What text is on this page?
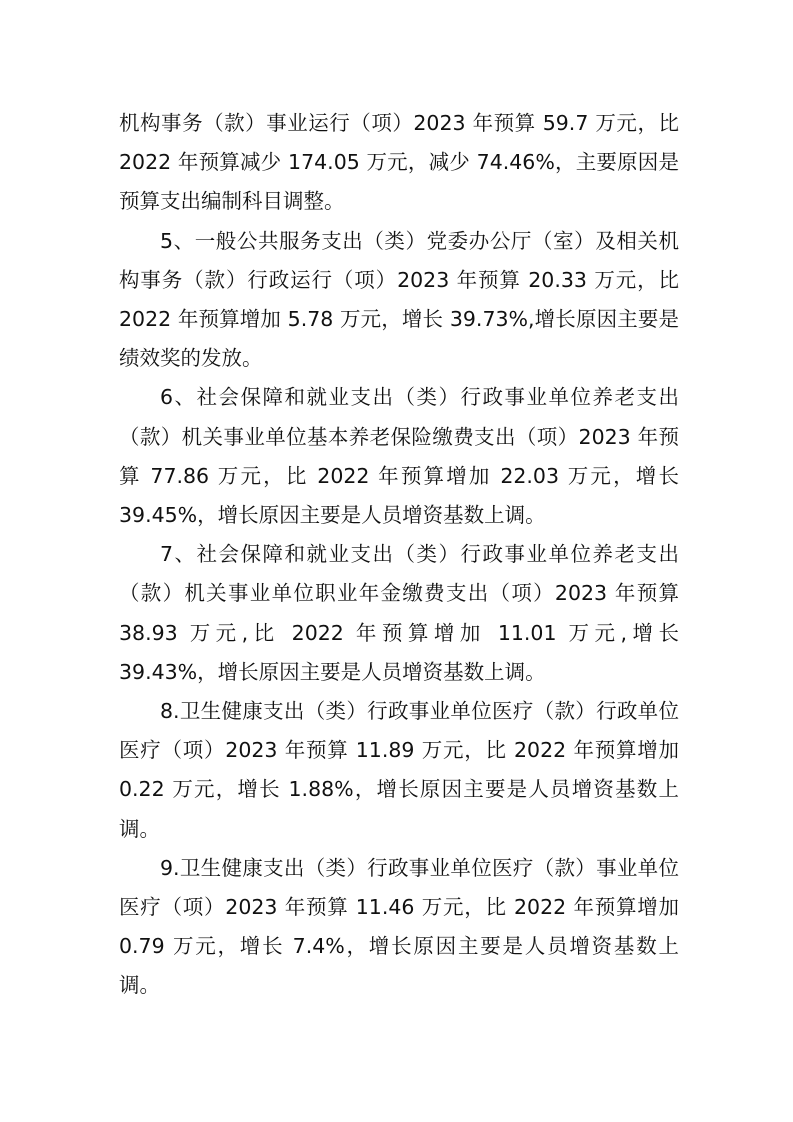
机构事务（款）事业运行（项）2023 年预算 59.7 万元，比 2022 年预算减少 174.05 万元，减少 74.46%，主要原因是预算支出编制科目调整。

5、一般公共服务支出（类）党委办公厅（室）及相关机构事务（款）行政运行（项）2023 年预算 20.33 万元，比 2022 年预算增加 5.78 万元，增长 39.73%,增长原因主要是绩效奖的发放。

6、社会保障和就业支出（类）行政事业单位养老支出（款）机关事业单位基本养老保险缴费支出（项）2023 年预算 77.86 万元，比 2022 年预算增加 22.03 万元，增长 39.45%，增长原因主要是人员增资基数上调。

7、社会保障和就业支出（类）行政事业单位养老支出（款）机关事业单位职业年金缴费支出（项）2023 年预算 38.93 万元,比 2022 年预算增加 11.01 万元,增长 39.43%，增长原因主要是人员增资基数上调。

8.卫生健康支出（类）行政事业单位医疗（款）行政单位医疗（项）2023 年预算 11.89 万元，比 2022 年预算增加 0.22 万元，增长 1.88%，增长原因主要是人员增资基数上调。

9.卫生健康支出（类）行政事业单位医疗（款）事业单位医疗（项）2023 年预算 11.46 万元，比 2022 年预算增加 0.79 万元，增长 7.4%，增长原因主要是人员增资基数上调。
